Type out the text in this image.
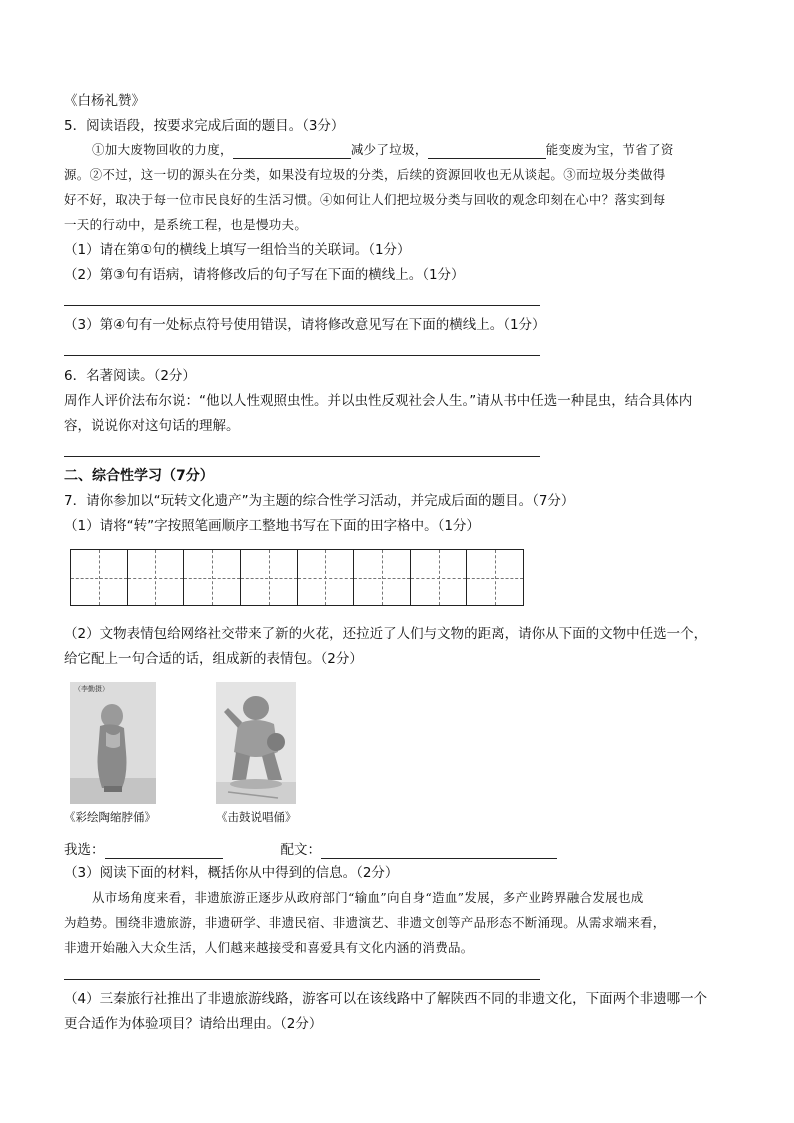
《白杨礼赞》
5．阅读语段，按要求完成后面的题目。（3分）
①加大废物回收的力度，	减少了垃圾，	能变废为宝，节省了资
源。②不过，这一切的源头在分类，如果没有垃圾的分类，后续的资源回收也无从谈起。③而垃圾分类做得
好不好，取决于每一位市民良好的生活习惯。④如何让人们把垃圾分类与回收的观念印刻在心中？落实到每
一天的行动中，是系统工程，也是慢功夫。
（1）请在第①句的横线上填写一组恰当的关联词。（1分）
（2）第③句有语病，请将修改后的句子写在下面的横线上。（1分）
（3）第④句有一处标点符号使用错误，请将修改意见写在下面的横线上。（1分）
6．名著阅读。（2分）
周作人评价法布尔说：“他以人性观照虫性。并以虫性反观社会人生。”请从书中任选一种昆虫，结合具体内
容，说说你对这句话的理解。
二、综合性学习（7分）
7．请你参加以“玩转文化遗产”为主题的综合性学习活动，并完成后面的题目。（7分）
（1）请将“转”字按照笔画顺序工整地书写在下面的田字格中。（1分）
（2）文物表情包给网络社交带来了新的火花，还拉近了人们与文物的距离，请你从下面的文物中任选一个，
给它配上一句合适的话，组成新的表情包。（2分）
（李勤摄）
《彩绘陶缩脖俑》	《击鼓说唱俑》
我选：	配文：
（3）阅读下面的材料，概括你从中得到的信息。（2分）
从市场角度来看，非遗旅游正逐步从政府部门“输血”向自身“造血”发展，多产业跨界融合发展也成
为趋势。围绕非遗旅游，非遗研学、非遗民宿、非遗演艺、非遗文创等产品形态不断涌现。从需求端来看，
非遗开始融入大众生活，人们越来越接受和喜爱具有文化内涵的消费品。
（4）三秦旅行社推出了非遗旅游线路，游客可以在该线路中了解陕西不同的非遗文化，下面两个非遗哪一个
更合适作为体验项目？请给出理由。（2分）
